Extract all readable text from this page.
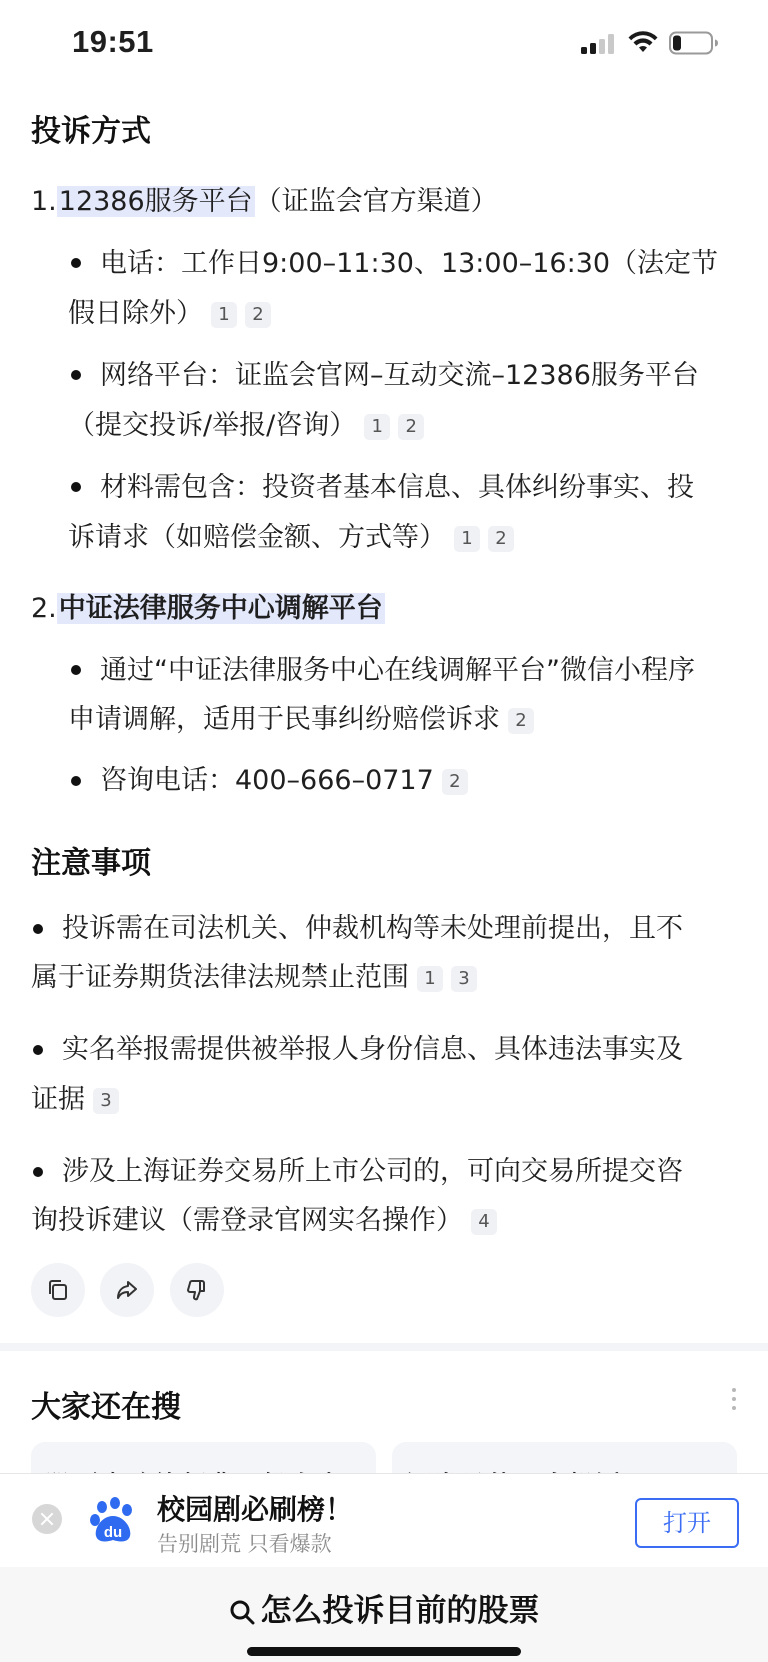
19:51
投诉方式
1.12386服务平台（证监会官方渠道）
电话：工作日9:00–11:30、13:00–16:30（法定节
假日除外） 1 2
网络平台：证监会官网–互动交流–12386服务平台
（提交投诉/举报/咨询） 1 2
材料需包含：投资者基本信息、具体纠纷事实、投
诉请求（如赔偿金额、方式等） 1 2
2.中证法律服务中心调解平台
通过“中证法律服务中心在线调解平台”微信小程序
申请调解，适用于民事纠纷赔偿诉求 2
咨询电话：400–666–0717 2
注意事项
投诉需在司法机关、仲裁机构等未处理前提出，且不
属于证券期货法律法规禁止范围 1 3
实名举报需提供被举报人身份信息、具体违法事实及
证据 3
涉及上海证券交易所上市公司的，可向交易所提交咨
询投诉建议（需登录官网实名操作） 4
大家还在搜
du
校园剧必刷榜！
告别剧荒 只看爆款
打开
怎么投诉目前的股票
